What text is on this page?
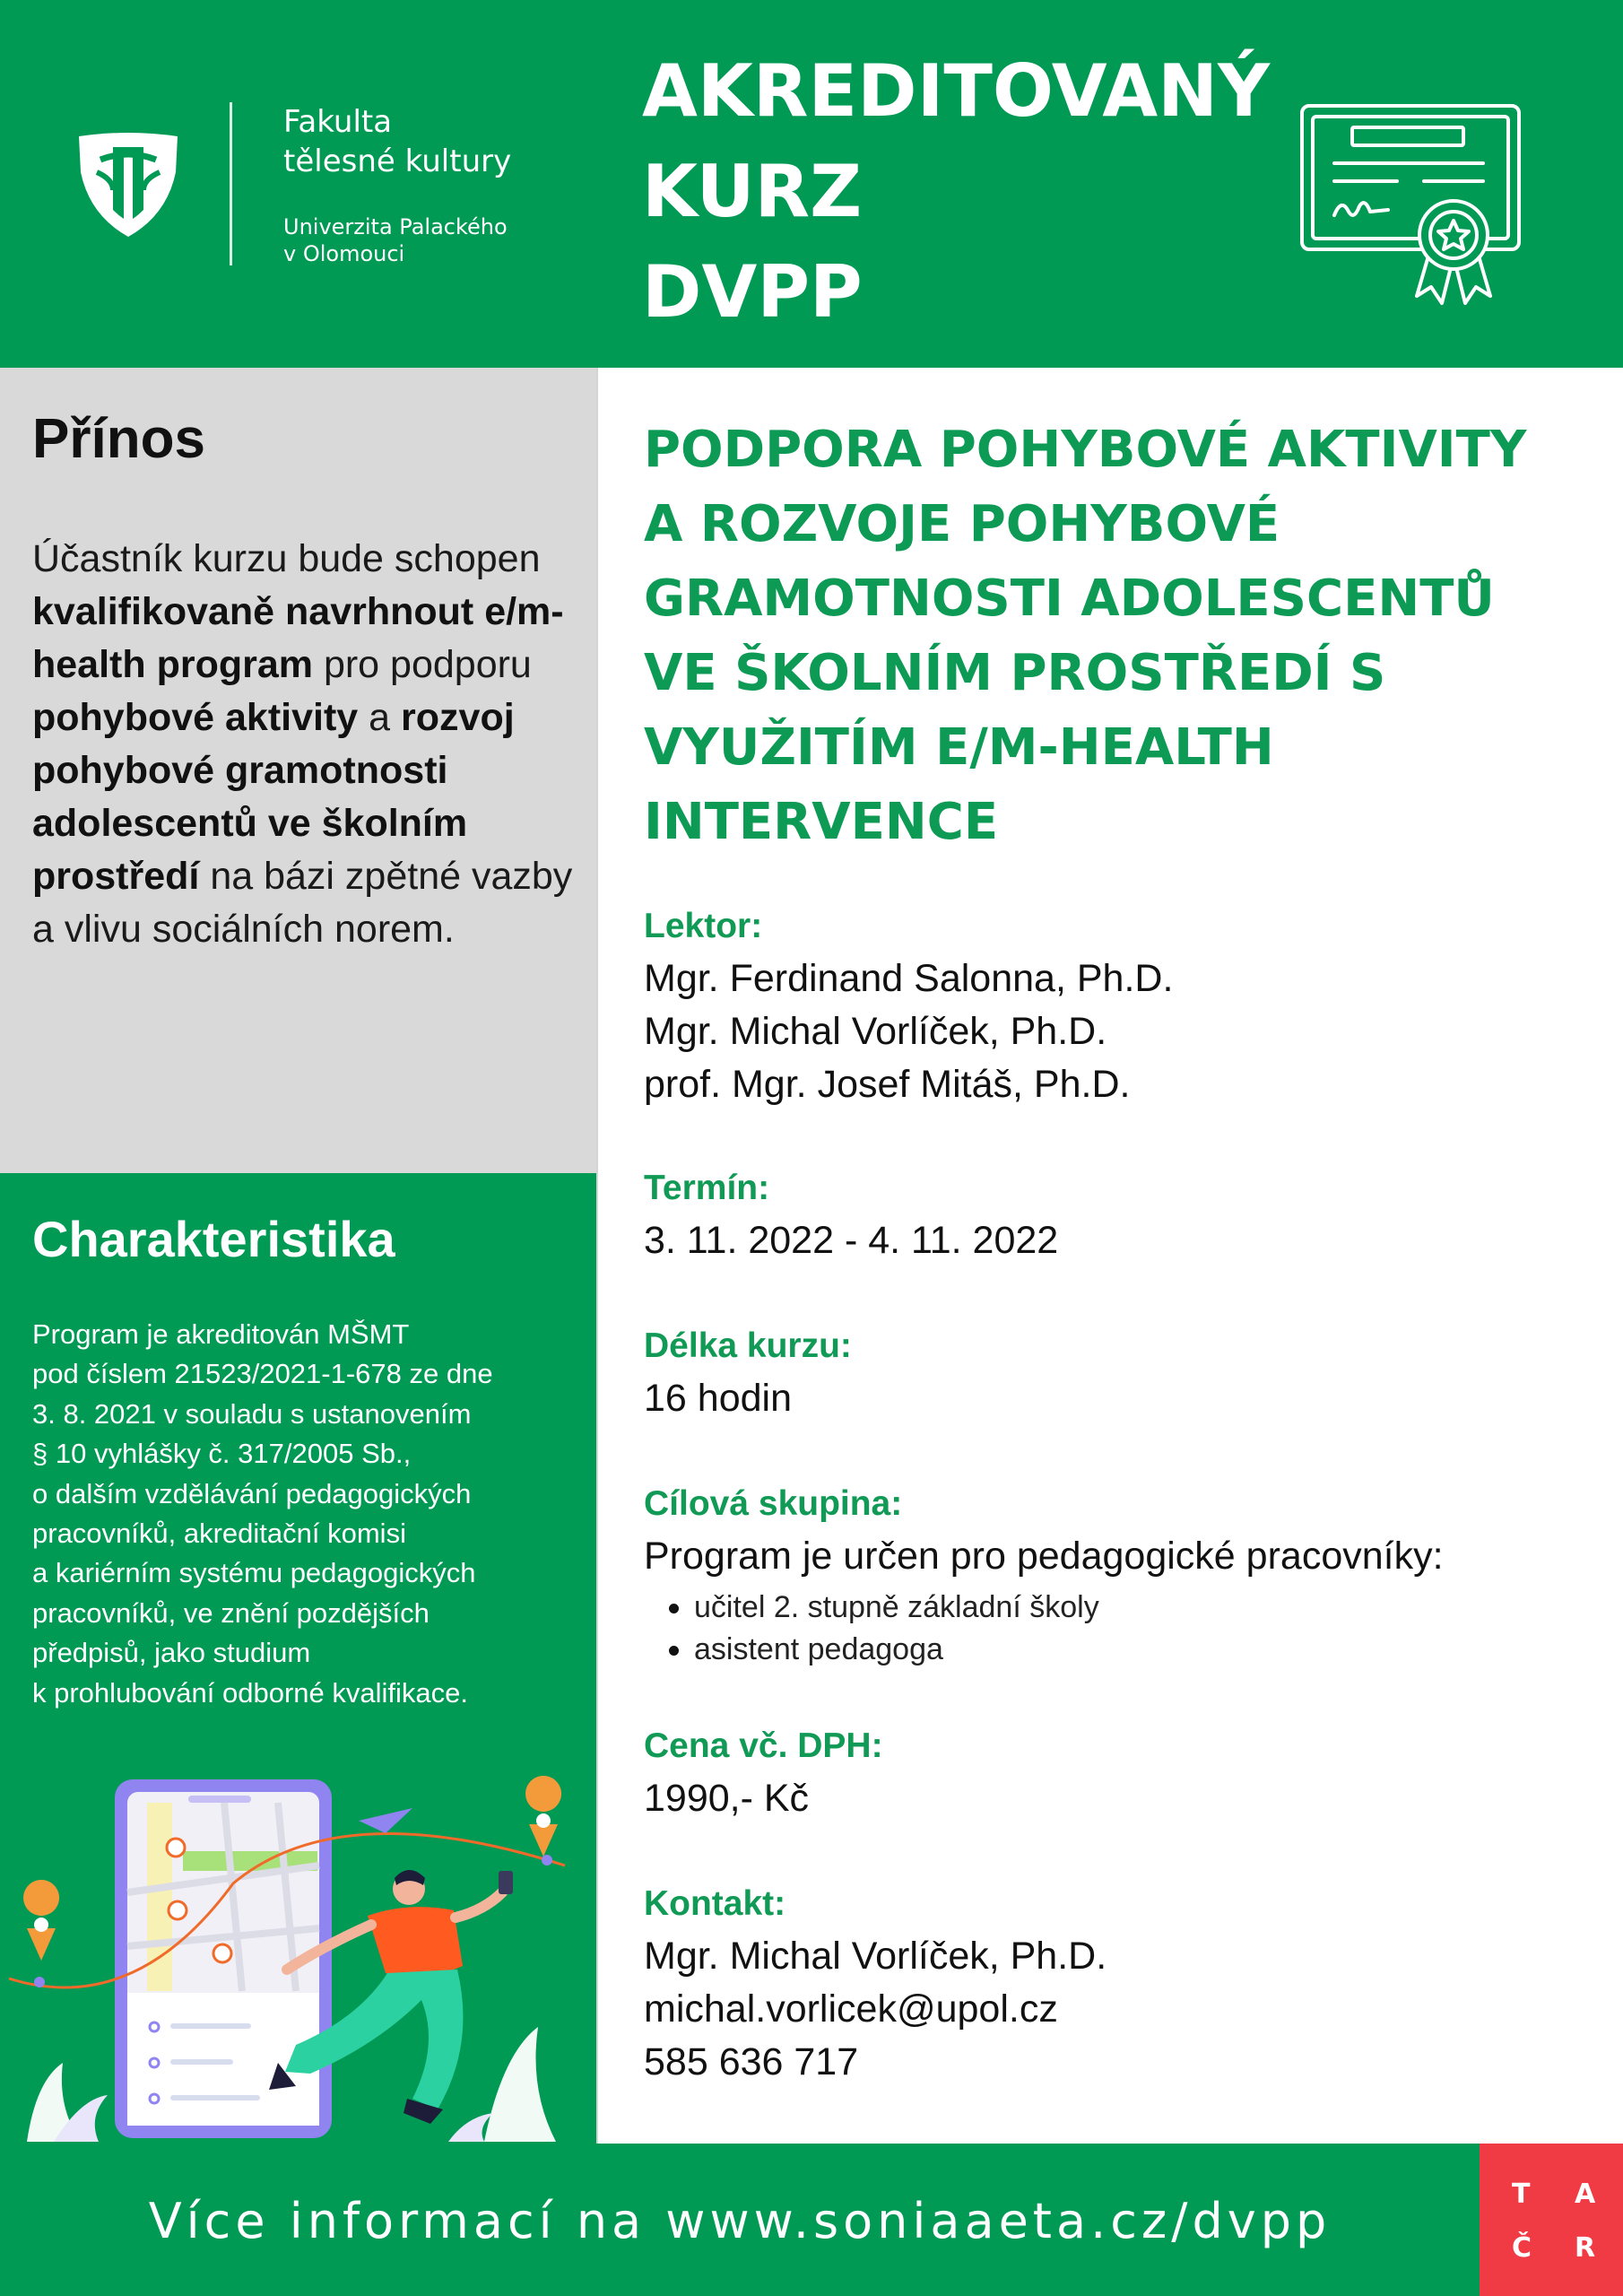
Fakulta
tělesné kultury
Univerzita Palackého
v Olomouci
AKREDITOVANÝ
KURZ
DVPP
Přínos
Účastník kurzu bude schopen kvalifikovaně navrhnout e/m-health program pro podporu pohybové aktivity a rozvoj pohybové gramotnosti adolescentů ve školním prostředí na bázi zpětné vazby a vlivu sociálních norem.
Charakteristika
Program je akreditován MŠMT
pod číslem 21523/2021-1-678 ze dne
3. 8. 2021 v souladu s ustanovením
§ 10 vyhlášky č. 317/2005 Sb.,
o dalším vzdělávání pedagogických
pracovníků, akreditační komisi
a kariérním systému pedagogických
pracovníků, ve znění pozdějších
předpisů, jako studium
k prohlubování odborné kvalifikace.
PODPORA POHYBOVÉ AKTIVITY
A ROZVOJE POHYBOVÉ
GRAMOTNOSTI ADOLESCENTŮ
VE ŠKOLNÍM PROSTŘEDÍ S
VYUŽITÍM E/M-HEALTH
INTERVENCE
Lektor:
Mgr. Ferdinand Salonna, Ph.D.
Mgr. Michal Vorlíček, Ph.D.
prof. Mgr. Josef Mitáš, Ph.D.
Termín:
3. 11. 2022 - 4. 11. 2022
Délka kurzu:
16 hodin
Cílová skupina:
Program je určen pro pedagogické pracovníky:
učitel 2. stupně základní školy
asistent pedagoga
Cena vč. DPH:
1990,- Kč
Kontakt:
Mgr. Michal Vorlíček, Ph.D.
michal.vorlicek@upol.cz
585 636 717
Více informací na www.soniaaeta.cz/dvpp	T A
Č R
